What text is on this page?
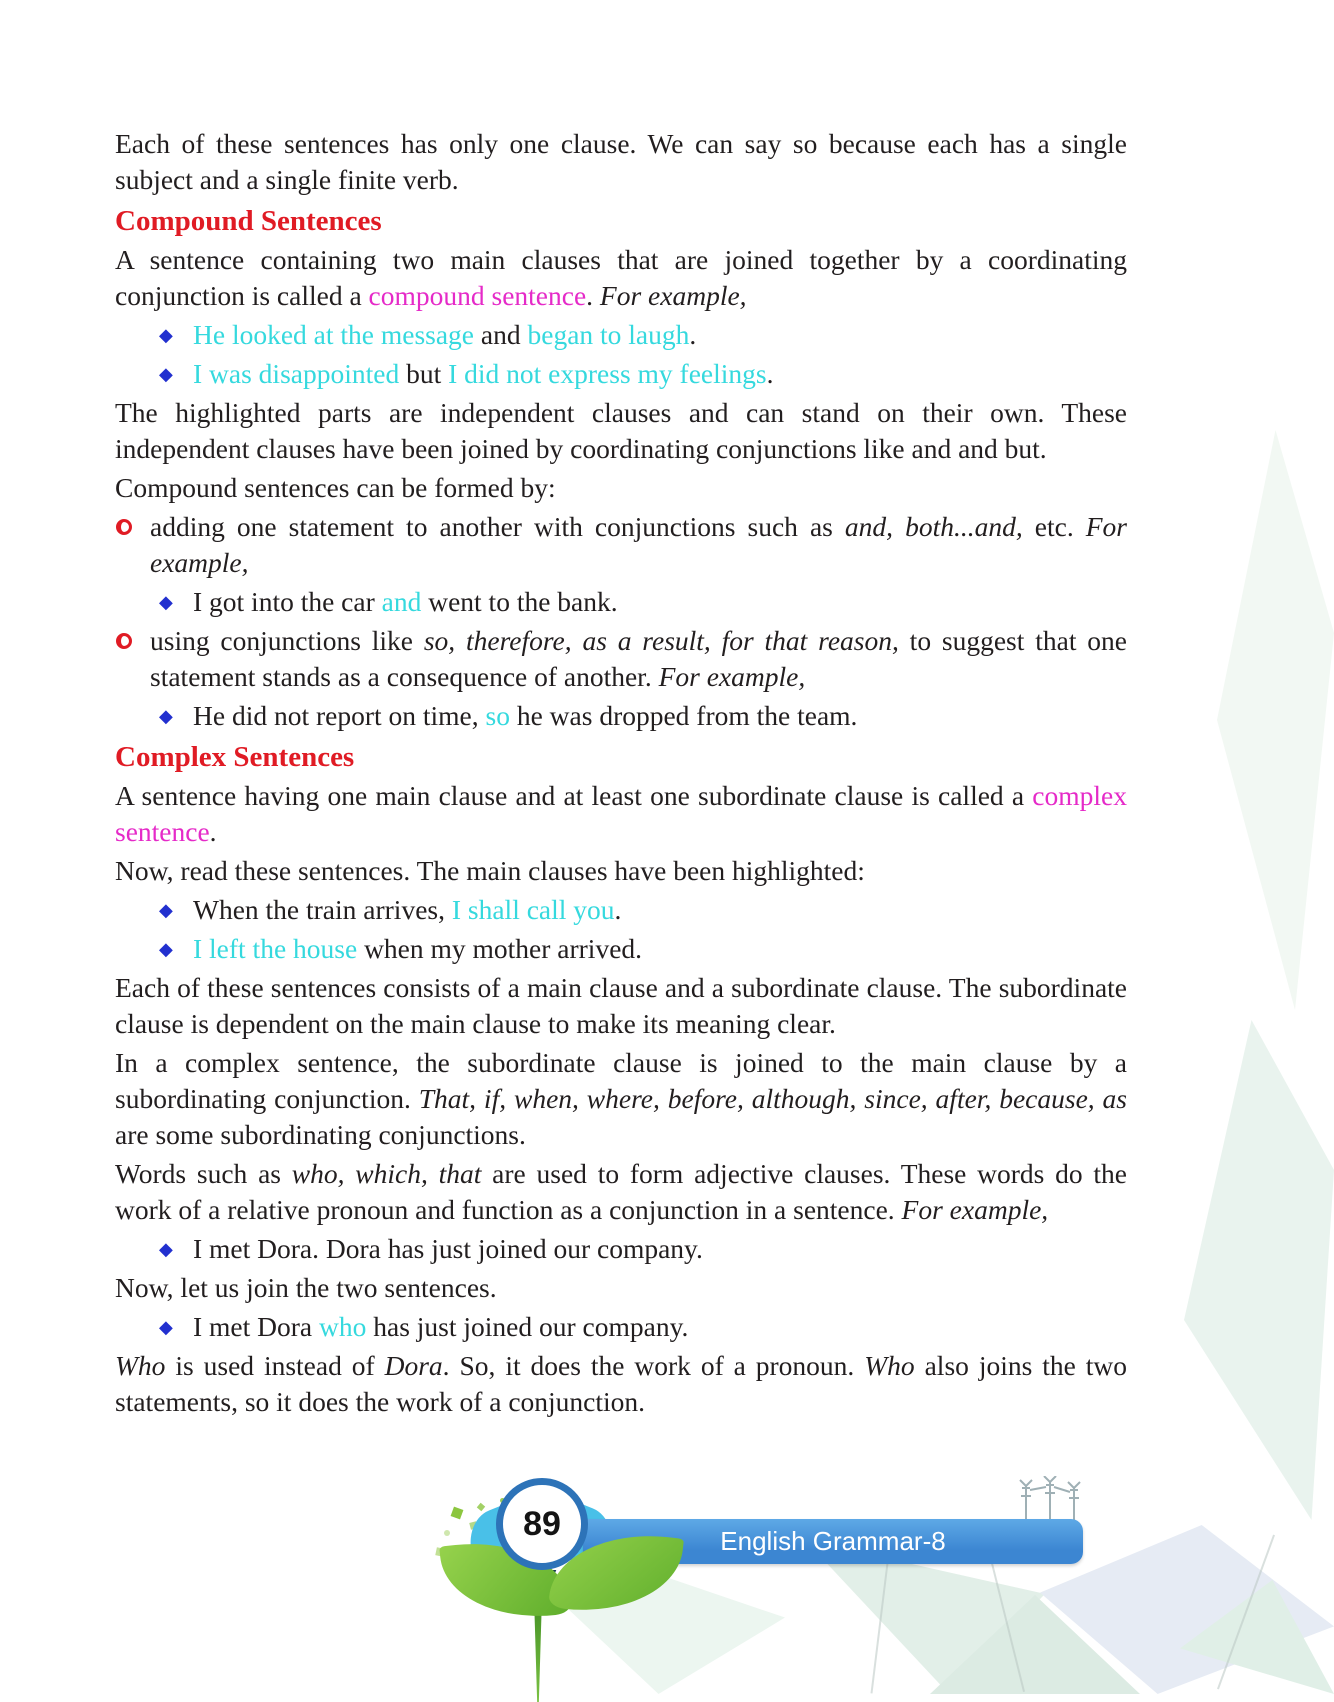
Each of these sentences has only one clause. We can say so because each has a single subject and a single finite verb.
Compound Sentences
A sentence containing two main clauses that are joined together by a coordinating conjunction is called a compound sentence. For example,
◆ He looked at the message and began to laugh.
◆ I was disappointed but I did not express my feelings.
The highlighted parts are independent clauses and can stand on their own. These independent clauses have been joined by coordinating conjunctions like and and but.
Compound sentences can be formed by:
adding one statement to another with conjunctions such as and, both...and, etc. For example,
◆ I got into the car and went to the bank.
using conjunctions like so, therefore, as a result, for that reason, to suggest that one statement stands as a consequence of another. For example,
◆ He did not report on time, so he was dropped from the team.
Complex Sentences
A sentence having one main clause and at least one subordinate clause is called a complex sentence.
Now, read these sentences. The main clauses have been highlighted:
◆ When the train arrives, I shall call you.
◆ I left the house when my mother arrived.
Each of these sentences consists of a main clause and a subordinate clause. The subordinate clause is dependent on the main clause to make its meaning clear.
In a complex sentence, the subordinate clause is joined to the main clause by a subordinating conjunction. That, if, when, where, before, although, since, after, because, as are some subordinating conjunctions.
Words such as who, which, that are used to form adjective clauses. These words do the work of a relative pronoun and function as a conjunction in a sentence. For example,
◆ I met Dora. Dora has just joined our company.
Now, let us join the two sentences.
◆ I met Dora who has just joined our company.
Who is used instead of Dora. So, it does the work of a pronoun. Who also joins the two statements, so it does the work of a conjunction.
English Grammar-8
89
